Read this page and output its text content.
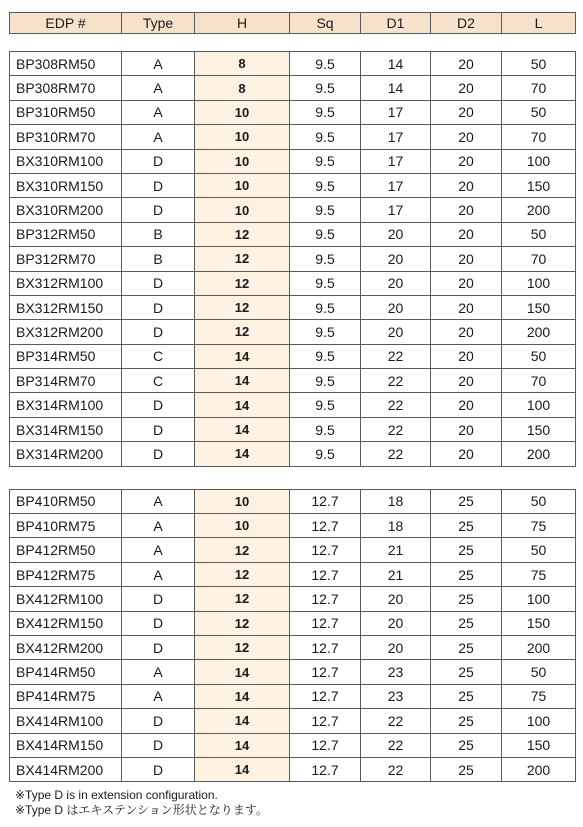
EDP #	Type	H	Sq	D1	D2	L

BP308RM50	A	8	9.5	14	20	50
BP308RM70	A	8	9.5	14	20	70
BP310RM50	A	10	9.5	17	20	50
BP310RM70	A	10	9.5	17	20	70
BX310RM100	D	10	9.5	17	20	100
BX310RM150	D	10	9.5	17	20	150
BX310RM200	D	10	9.5	17	20	200
BP312RM50	B	12	9.5	20	20	50
BP312RM70	B	12	9.5	20	20	70
BX312RM100	D	12	9.5	20	20	100
BX312RM150	D	12	9.5	20	20	150
BX312RM200	D	12	9.5	20	20	200
BP314RM50	C	14	9.5	22	20	50
BP314RM70	C	14	9.5	22	20	70
BX314RM100	D	14	9.5	22	20	100
BX314RM150	D	14	9.5	22	20	150
BX314RM200	D	14	9.5	22	20	200

BP410RM50	A	10	12.7	18	25	50
BP410RM75	A	10	12.7	18	25	75
BP412RM50	A	12	12.7	21	25	50
BP412RM75	A	12	12.7	21	25	75
BX412RM100	D	12	12.7	20	25	100
BX412RM150	D	12	12.7	20	25	150
BX412RM200	D	12	12.7	20	25	200
BP414RM50	A	14	12.7	23	25	50
BP414RM75	A	14	12.7	23	25	75
BX414RM100	D	14	12.7	22	25	100
BX414RM150	D	14	12.7	22	25	150
BX414RM200	D	14	12.7	22	25	200
※Type D is in extension configuration.
※Type D はエキステンション形状となります。
